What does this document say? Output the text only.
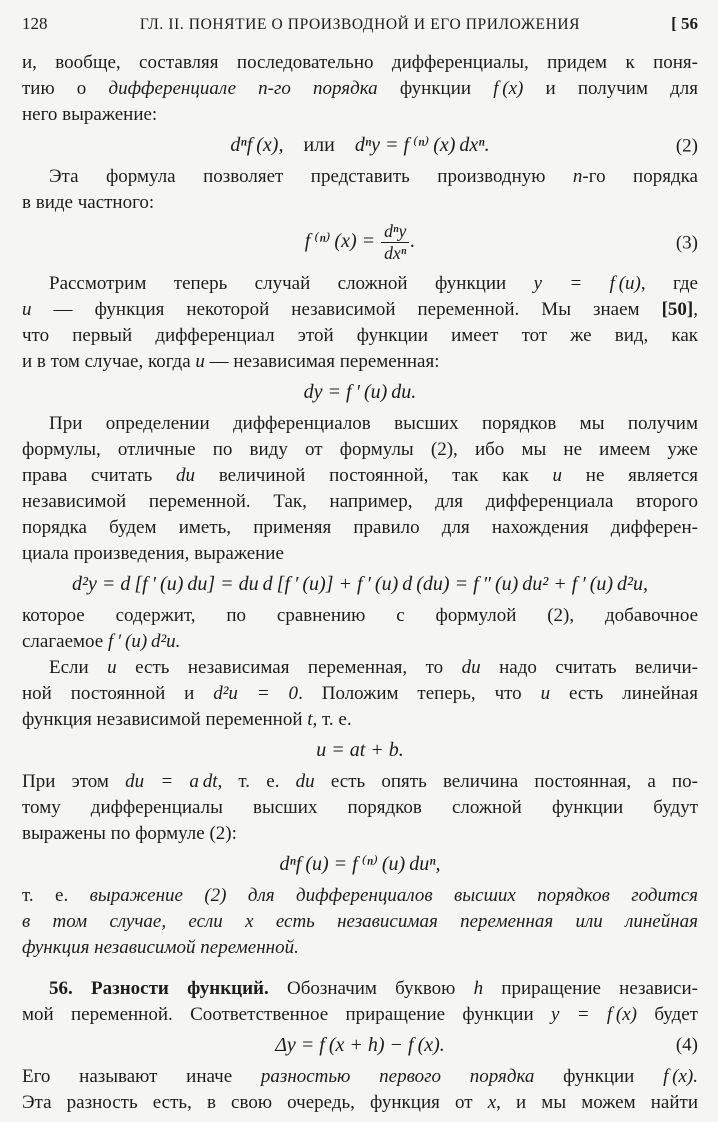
128	ГЛ. II. ПОНЯТИЕ О ПРОИЗВОДНОЙ И ЕГО ПРИЛОЖЕНИЯ	[ 56
и, вообще, составляя последовательно дифференциалы, придем к поня-
тию о дифференциале n-го порядка функции f (x) и получим для
него выражение:
dⁿf (x), или dⁿy = f ⁽ⁿ⁾ (x) dxⁿ.	(2)
Эта формула позволяет представить производную n-го порядка
в виде частного:
f ⁽ⁿ⁾ $(x) = \frac{\text{dⁿy}}{\text{dxⁿ}}$ .	(3)
Рассмотрим теперь случай сложной функции y = f (u), где
u — функция некоторой независимой переменной. Мы знаем [50],
что первый дифференциал этой функции имеет тот же вид, как
и в том случае, когда u — независимая переменная:
dy = f ′ (u) du.
При определении дифференциалов высших порядков мы получим
формулы, отличные по виду от формулы (2), ибо мы не имеем уже
права считать du величиной постоянной, так как u не является
независимой переменной. Так, например, для дифференциала второго
порядка будем иметь, применяя правило для нахождения дифферен-
циала произведения, выражение
d²y = d [f ′ (u) du] = du d [f ′ (u)] + f ′ (u) d (du) = f ″ (u) du² + f ′ (u) d²u,
которое содержит, по сравнению с формулой (2), добавочное
слагаемое f ′ (u) d²u.
Если u есть независимая переменная, то du надо считать величи-
ной постоянной и d²u = 0. Положим теперь, что u есть линейная
функция независимой переменной t, т. е.
u = at + b.
При этом du = a dt, т. е. du есть опять величина постоянная, а по-
тому дифференциалы высших порядков сложной функции будут
выражены по формуле (2):
dⁿf (u) = f ⁽ⁿ⁾ (u) duⁿ,
т. е. выражение (2) для дифференциалов высших порядков годится
в том случае, если x есть независимая переменная или линейная
функция независимой переменной.
56. Разности функций. Обозначим буквою h приращение независи-
мой переменной. Соответственное приращение функции y = f (x) будет
Δy = f (x + h) − f (x).	(4)
Его называют иначе разностью первого порядка функции f (x).
Эта разность есть, в свою очередь, функция от x, и мы можем найти
